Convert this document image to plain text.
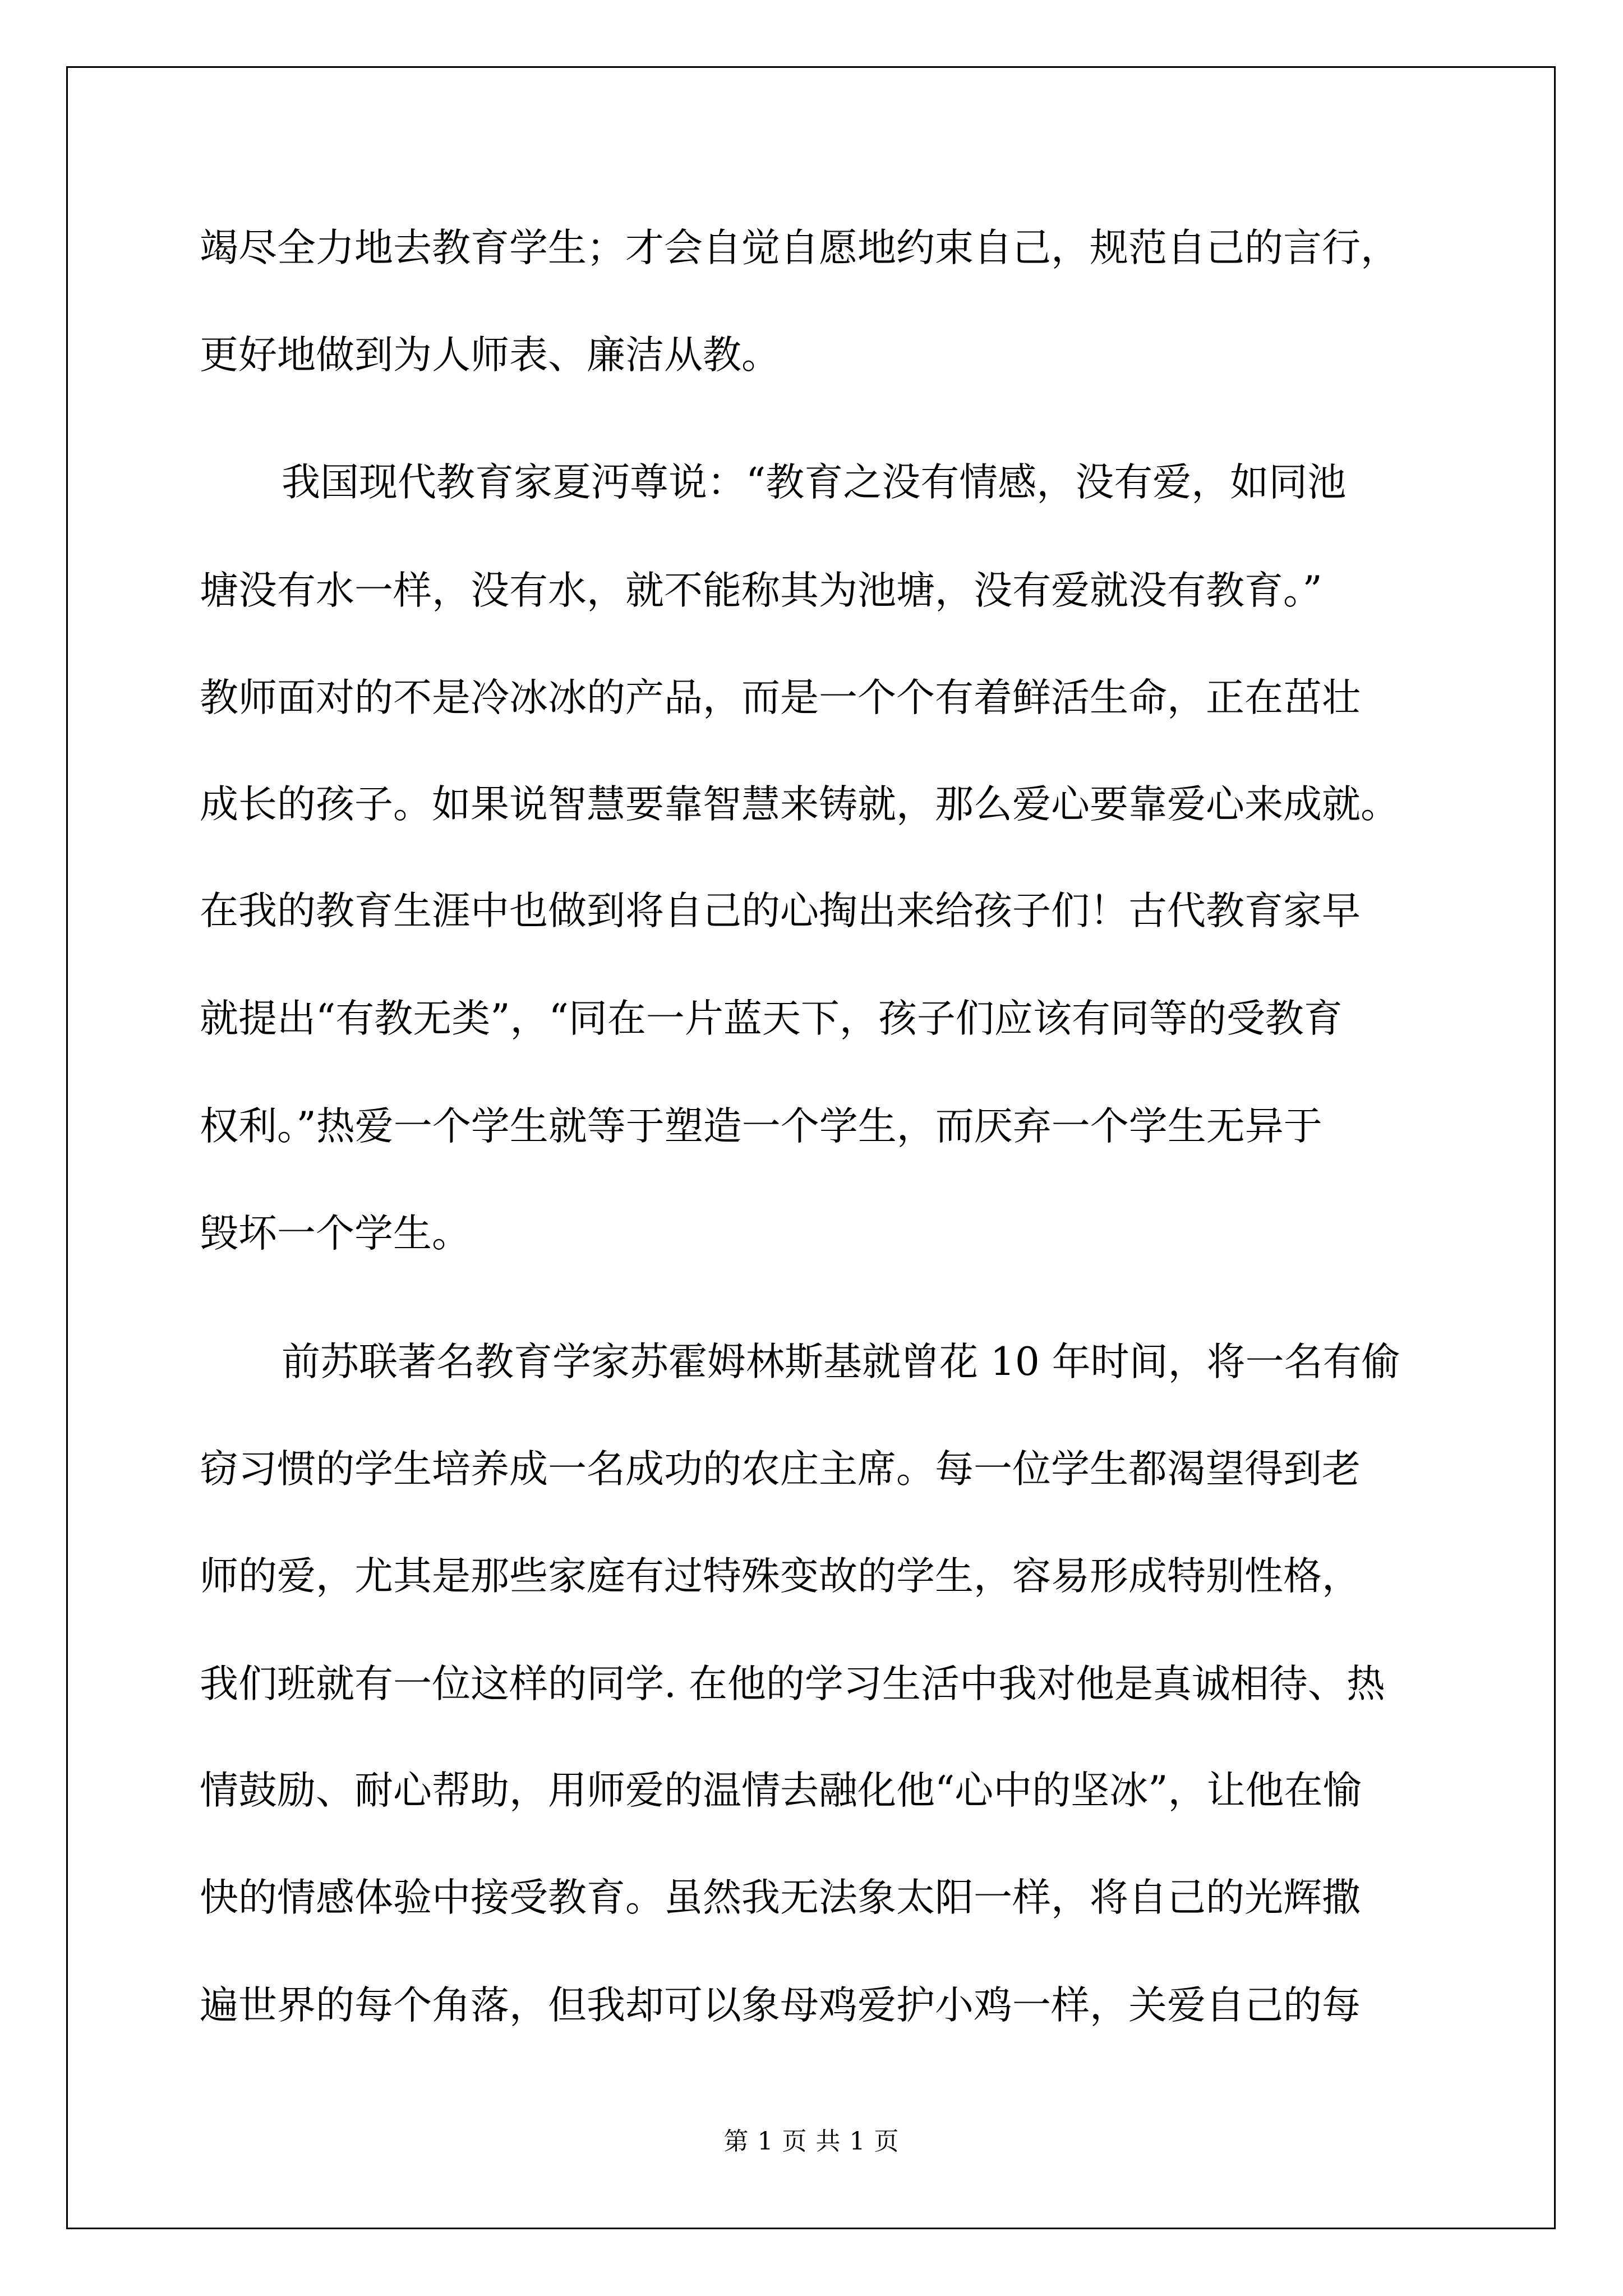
竭尽全力地去教育学生；才会自觉自愿地约束自己，规范自己的言行，
更好地做到为人师表、廉洁从教。
我国现代教育家夏沔尊说：“教育之没有情感，没有爱，如同池
塘没有水一样，没有水，就不能称其为池塘，没有爱就没有教育。”
教师面对的不是冷冰冰的产品，而是一个个有着鲜活生命，正在茁壮
成长的孩子。如果说智慧要靠智慧来铸就，那么爱心要靠爱心来成就。
在我的教育生涯中也做到将自己的心掏出来给孩子们！古代教育家早
就提出“有教无类”，“同在一片蓝天下，孩子们应该有同等的受教育
权利。”热爱一个学生就等于塑造一个学生，而厌弃一个学生无异于
毁坏一个学生。
前苏联著名教育学家苏霍姆林斯基就曾花 10 年时间，将一名有偷
窃习惯的学生培养成一名成功的农庄主席。每一位学生都渴望得到老
师的爱，尤其是那些家庭有过特殊变故的学生，容易形成特别性格，
我们班就有一位这样的同学. 在他的学习生活中我对他是真诚相待、热
情鼓励、耐心帮助，用师爱的温情去融化他“心中的坚冰”，让他在愉
快的情感体验中接受教育。虽然我无法象太阳一样，将自己的光辉撒
遍世界的每个角落，但我却可以象母鸡爱护小鸡一样，关爱自己的每
第 1 页 共 1 页
